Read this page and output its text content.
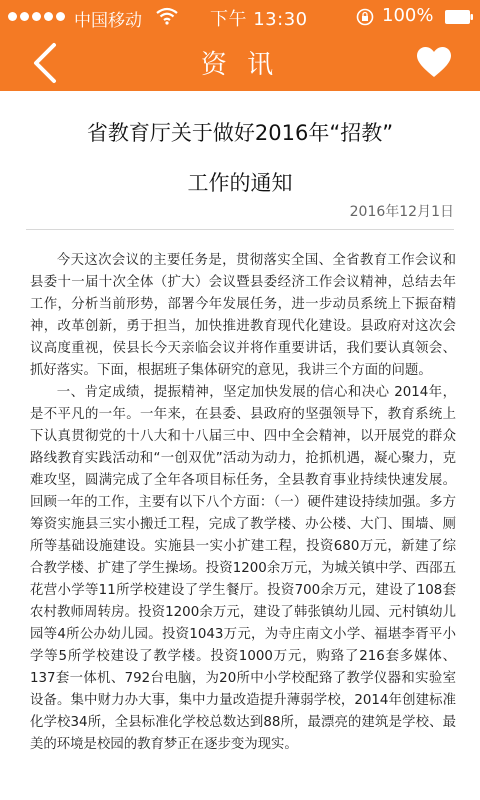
中国移动	下午 13:30	100%
资 讯
省教育厅关于做好2016年“招教”
工作的通知
2016年12月1日

今天这次会议的主要任务是，贯彻落实全国、全省教育工作会议和县委十一届十次全体（扩大）会议暨县委经济工作会议精神，总结去年工作，分析当前形势，部署今年发展任务，进一步动员系统上下振奋精神，改革创新，勇于担当，加快推进教育现代化建设。县政府对这次会议高度重视，侯县长今天亲临会议并将作重要讲话，我们要认真领会、抓好落实。下面，根据班子集体研究的意见，我讲三个方面的问题。

一、肯定成绩，提振精神，坚定加快发展的信心和决心 2014年，是不平凡的一年。一年来，在县委、县政府的坚强领导下，教育系统上下认真贯彻党的十八大和十八届三中、四中全会精神，以开展党的群众路线教育实践活动和“一创双优”活动为动力，抢抓机遇，凝心聚力，克难攻坚，圆满完成了全年各项目标任务，全县教育事业持续快速发展。回顾一年的工作，主要有以下八个方面：（一）硬件建设持续加强。多方筹资实施县三实小搬迁工程，完成了教学楼、办公楼、大门、围墙、厕所等基础设施建设。实施县一实小扩建工程，投资680万元，新建了综合教学楼、扩建了学生操场。投资1200余万元，为城关镇中学、西邵五花营小学等11所学校建设了学生餐厅。投资700余万元，建设了108套农村教师周转房。投资1200余万元，建设了韩张镇幼儿园、元村镇幼儿园等4所公办幼儿园。投资1043万元，为寺庄南文小学、福堪李胥平小学等5所学校建设了教学楼。投资1000万元，购臵了216套多媒体、137套一体机、792台电脑，为20所中小学校配臵了教学仪器和实验室设备。集中财力办大事，集中力量改造提升薄弱学校，2014年创建标准化学校34所，全县标准化学校总数达到88所，最漂亮的建筑是学校、最美的环境是校园的教育梦正在逐步变为现实。
